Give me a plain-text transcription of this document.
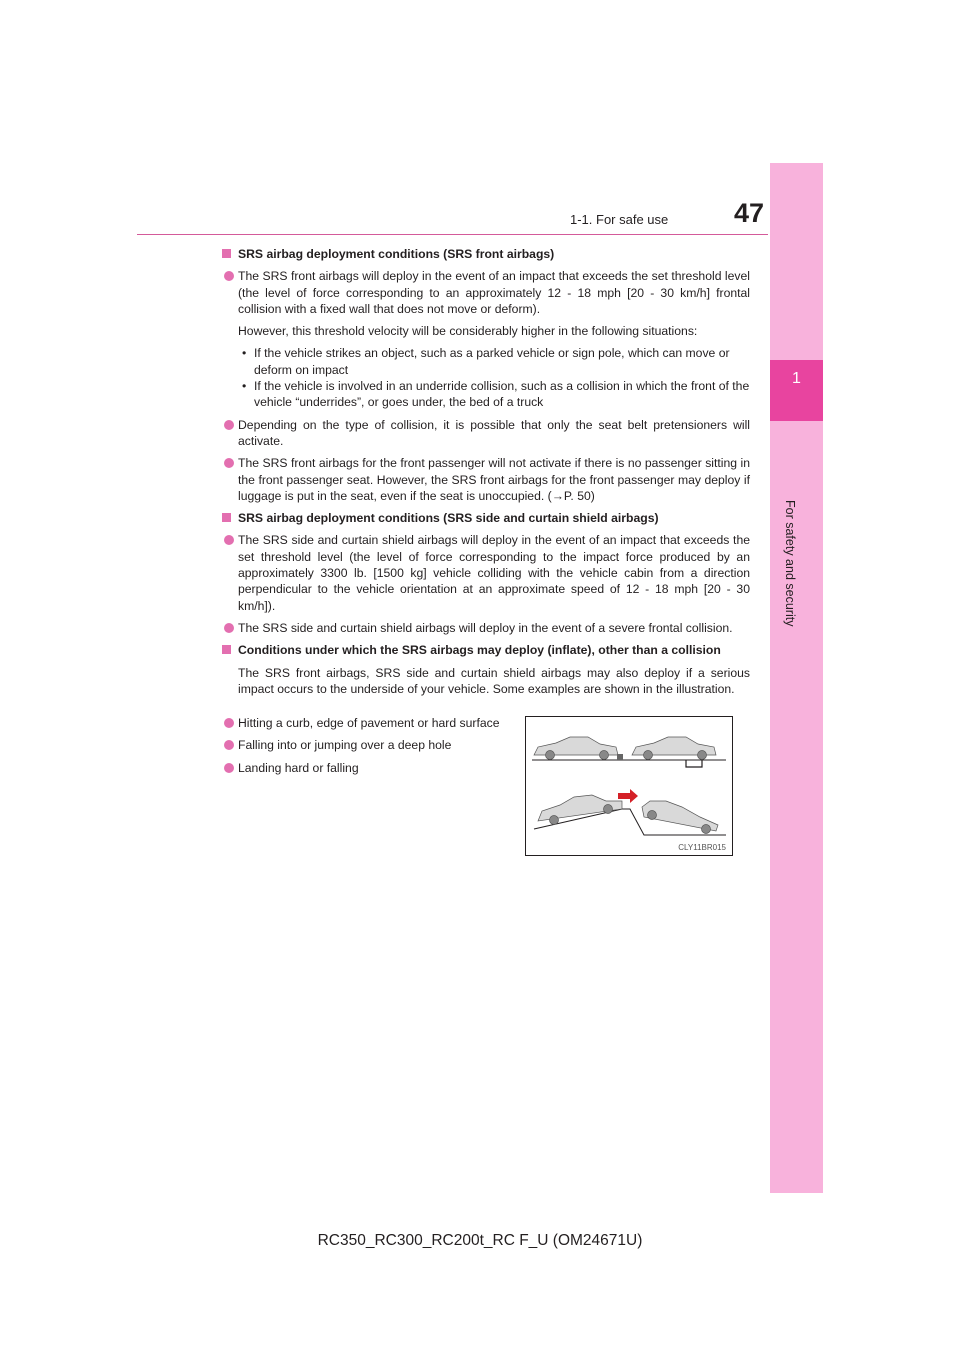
1
For safety and security
1-1. For safe use 47
SRS airbag deployment conditions (SRS front airbags)
The SRS front airbags will deploy in the event of an impact that exceeds the set threshold level (the level of force corresponding to an approximately 12 - 18 mph [20 - 30 km/h] frontal collision with a fixed wall that does not move or deform).
However, this threshold velocity will be considerably higher in the following situations:
• If the vehicle strikes an object, such as a parked vehicle or sign pole, which can move or deform on impact
• If the vehicle is involved in an underride collision, such as a collision in which the front of the vehicle “underrides”, or goes under, the bed of a truck
Depending on the type of collision, it is possible that only the seat belt pretensioners will activate.
The SRS front airbags for the front passenger will not activate if there is no passenger sitting in the front passenger seat. However, the SRS front airbags for the front passenger may deploy if luggage is put in the seat, even if the seat is unoccupied. (→P. 50)
SRS airbag deployment conditions (SRS side and curtain shield airbags)
The SRS side and curtain shield airbags will deploy in the event of an impact that exceeds the set threshold level (the level of force corresponding to the impact force produced by an approximately 3300 lb. [1500 kg] vehicle colliding with the vehicle cabin from a direction perpendicular to the vehicle orientation at an approximate speed of 12 - 18 mph [20 - 30 km/h]).
The SRS side and curtain shield airbags will deploy in the event of a severe frontal collision.
Conditions under which the SRS airbags may deploy (inflate), other than a collision
The SRS front airbags, SRS side and curtain shield airbags may also deploy if a serious impact occurs to the underside of your vehicle. Some examples are shown in the illustration.
Hitting a curb, edge of pavement or hard surface
Falling into or jumping over a deep hole
Landing hard or falling
CLY11BR015
RC350_RC300_RC200t_RC F_U (OM24671U)
